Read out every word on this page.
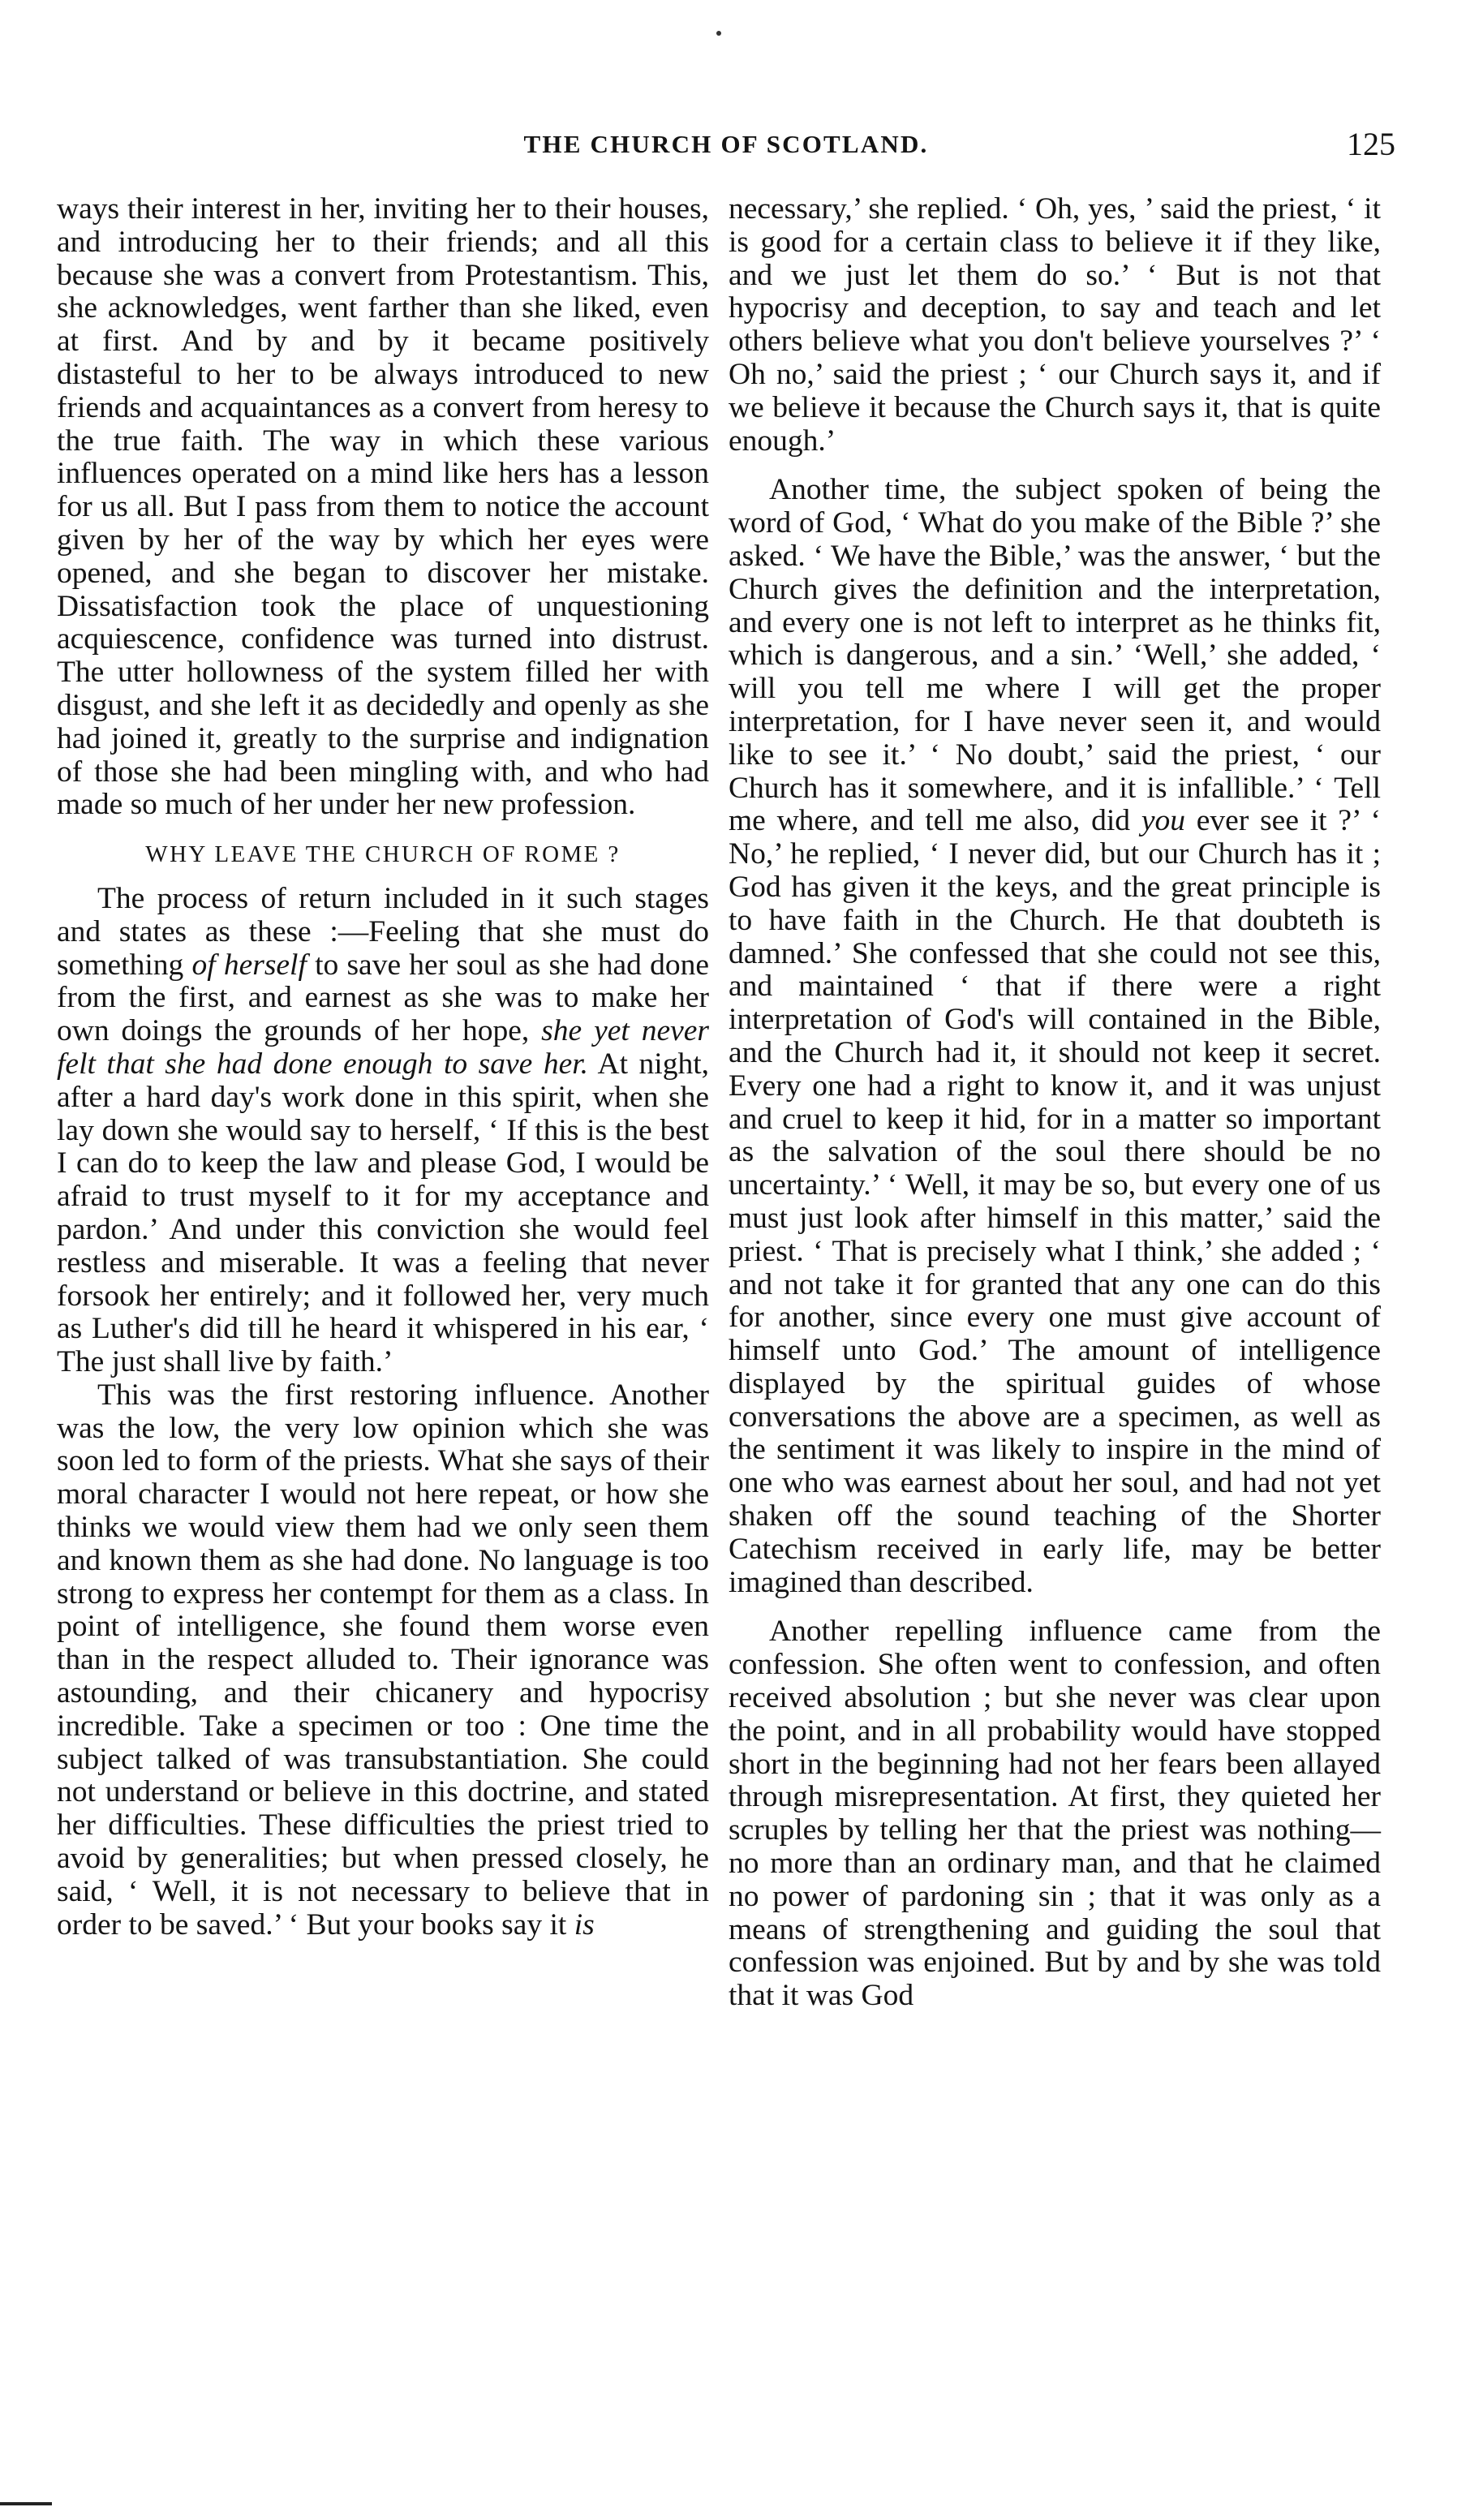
THE CHURCH OF SCOTLAND.	125

ways their interest in her, inviting her to their houses, and introducing her to their friends; and all this because she was a convert from Protestantism. This, she acknowledges, went farther than she liked, even at first. And by and by it became positively distasteful to her to be always introduced to new friends and acquaintances as a convert from heresy to the true faith. The way in which these various influences operated on a mind like hers has a lesson for us all. But I pass from them to notice the account given by her of the way by which her eyes were opened, and she began to discover her mistake. Dissatisfaction took the place of unquestioning acquiescence, confidence was turned into distrust. The utter hollowness of the system filled her with disgust, and she left it as decidedly and openly as she had joined it, greatly to the surprise and indignation of those she had been mingling with, and who had made so much of her under her new profession.

WHY LEAVE THE CHURCH OF ROME ?

The process of return included in it such stages and states as these :—Feeling that she must do something of herself to save her soul as she had done from the first, and earnest as she was to make her own doings the grounds of her hope, she yet never felt that she had done enough to save her. At night, after a hard day's work done in this spirit, when she lay down she would say to herself, ‘ If this is the best I can do to keep the law and please God, I would be afraid to trust myself to it for my acceptance and pardon.’ And under this conviction she would feel restless and miserable. It was a feeling that never forsook her entirely; and it followed her, very much as Luther's did till he heard it whispered in his ear, ‘ The just shall live by faith.’

This was the first restoring influence. Another was the low, the very low opinion which she was soon led to form of the priests. What she says of their moral character I would not here repeat, or how she thinks we would view them had we only seen them and known them as she had done. No language is too strong to express her contempt for them as a class. In point of intelligence, she found them worse even than in the respect alluded to. Their ignorance was astounding, and their chicanery and hypocrisy incredible. Take a specimen or too : One time the subject talked of was transubstantiation. She could not understand or believe in this doctrine, and stated her difficulties. These difficulties the priest tried to avoid by generalities; but when pressed closely, he said, ‘ Well, it is not necessary to believe that in order to be saved.’ ‘ But your books say it is

necessary,’ she replied. ‘ Oh, yes, ’ said the priest, ‘ it is good for a certain class to believe it if they like, and we just let them do so.’ ‘ But is not that hypocrisy and deception, to say and teach and let others believe what you don't believe yourselves ?’ ‘ Oh no,’ said the priest ; ‘ our Church says it, and if we believe it because the Church says it, that is quite enough.’

Another time, the subject spoken of being the word of God, ‘ What do you make of the Bible ?’ she asked. ‘ We have the Bible,’ was the answer, ‘ but the Church gives the definition and the interpretation, and every one is not left to interpret as he thinks fit, which is dangerous, and a sin.’ ‘Well,’ she added, ‘ will you tell me where I will get the proper interpretation, for I have never seen it, and would like to see it.’ ‘ No doubt,’ said the priest, ‘ our Church has it somewhere, and it is infallible.’ ‘ Tell me where, and tell me also, did you ever see it ?’ ‘ No,’ he replied, ‘ I never did, but our Church has it ; God has given it the keys, and the great principle is to have faith in the Church. He that doubteth is damned.’ She confessed that she could not see this, and maintained ‘ that if there were a right interpretation of God's will contained in the Bible, and the Church had it, it should not keep it secret. Every one had a right to know it, and it was unjust and cruel to keep it hid, for in a matter so important as the salvation of the soul there should be no uncertainty.’ ‘ Well, it may be so, but every one of us must just look after himself in this matter,’ said the priest. ‘ That is precisely what I think,’ she added ; ‘ and not take it for granted that any one can do this for another, since every one must give account of himself unto God.’ The amount of intelligence displayed by the spiritual guides of whose conversations the above are a specimen, as well as the sentiment it was likely to inspire in the mind of one who was earnest about her soul, and had not yet shaken off the sound teaching of the Shorter Catechism received in early life, may be better imagined than described.

Another repelling influence came from the confession. She often went to confession, and often received absolution ; but she never was clear upon the point, and in all probability would have stopped short in the beginning had not her fears been allayed through misrepresentation. At first, they quieted her scruples by telling her that the priest was nothing—no more than an ordinary man, and that he claimed no power of pardoning sin ; that it was only as a means of strengthening and guiding the soul that confession was enjoined. But by and by she was told that it was God
